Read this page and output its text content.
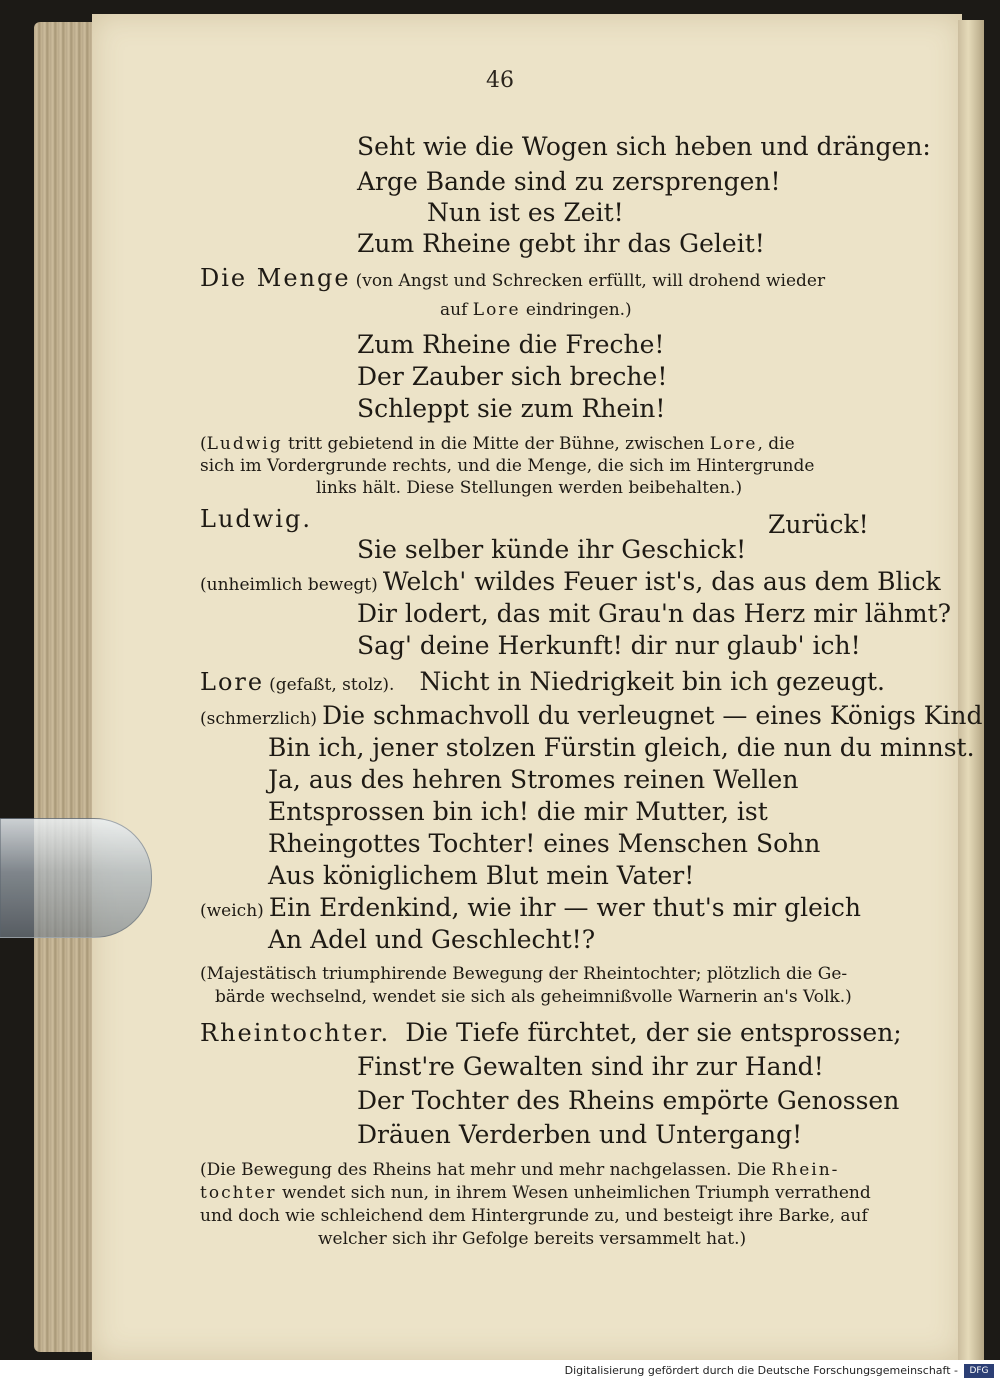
46
Seht wie die Wogen sich heben und drängen:
Arge Bande sind zu zersprengen!
Nun ist es Zeit!
Zum Rheine gebt ihr das Geleit!
Die Menge (von Angst und Schrecken erfüllt, will drohend wieder
auf Lore eindringen.)
Zum Rheine die Freche!
Der Zauber sich breche!
Schleppt sie zum Rhein!
(Ludwig tritt gebietend in die Mitte der Bühne, zwischen Lore, die
sich im Vordergrunde rechts, und die Menge, die sich im Hintergrunde
links hält. Diese Stellungen werden beibehalten.)
Ludwig.	Zurück!
Sie selber künde ihr Geschick!
(unheimlich bewegt) Welch' wildes Feuer ist's, das aus dem Blick
Dir lodert, das mit Grau'n das Herz mir lähmt?
Sag' deine Herkunft! dir nur glaub' ich!
Lore (gefaßt, stolz). Nicht in Niedrigkeit bin ich gezeugt.
(schmerzlich) Die schmachvoll du verleugnet — eines Königs Kind
Bin ich, jener stolzen Fürstin gleich, die nun du minnst.
Ja, aus des hehren Stromes reinen Wellen
Entsprossen bin ich! die mir Mutter, ist
Rheingottes Tochter! eines Menschen Sohn
Aus königlichem Blut mein Vater!
(weich) Ein Erdenkind, wie ihr — wer thut's mir gleich
An Adel und Geschlecht!?
(Majestätisch triumphirende Bewegung der Rheintochter; plötzlich die Ge-
bärde wechselnd, wendet sie sich als geheimnißvolle Warnerin an's Volk.)
Rheintochter. Die Tiefe fürchtet, der sie entsprossen;
Finst're Gewalten sind ihr zur Hand!
Der Tochter des Rheins empörte Genossen
Dräuen Verderben und Untergang!
(Die Bewegung des Rheins hat mehr und mehr nachgelassen. Die Rhein-
tochter wendet sich nun, in ihrem Wesen unheimlichen Triumph verrathend
und doch wie schleichend dem Hintergrunde zu, und besteigt ihre Barke, auf
welcher sich ihr Gefolge bereits versammelt hat.)
Digitalisierung gefördert durch die Deutsche Forschungsgemeinschaft -	DFG
